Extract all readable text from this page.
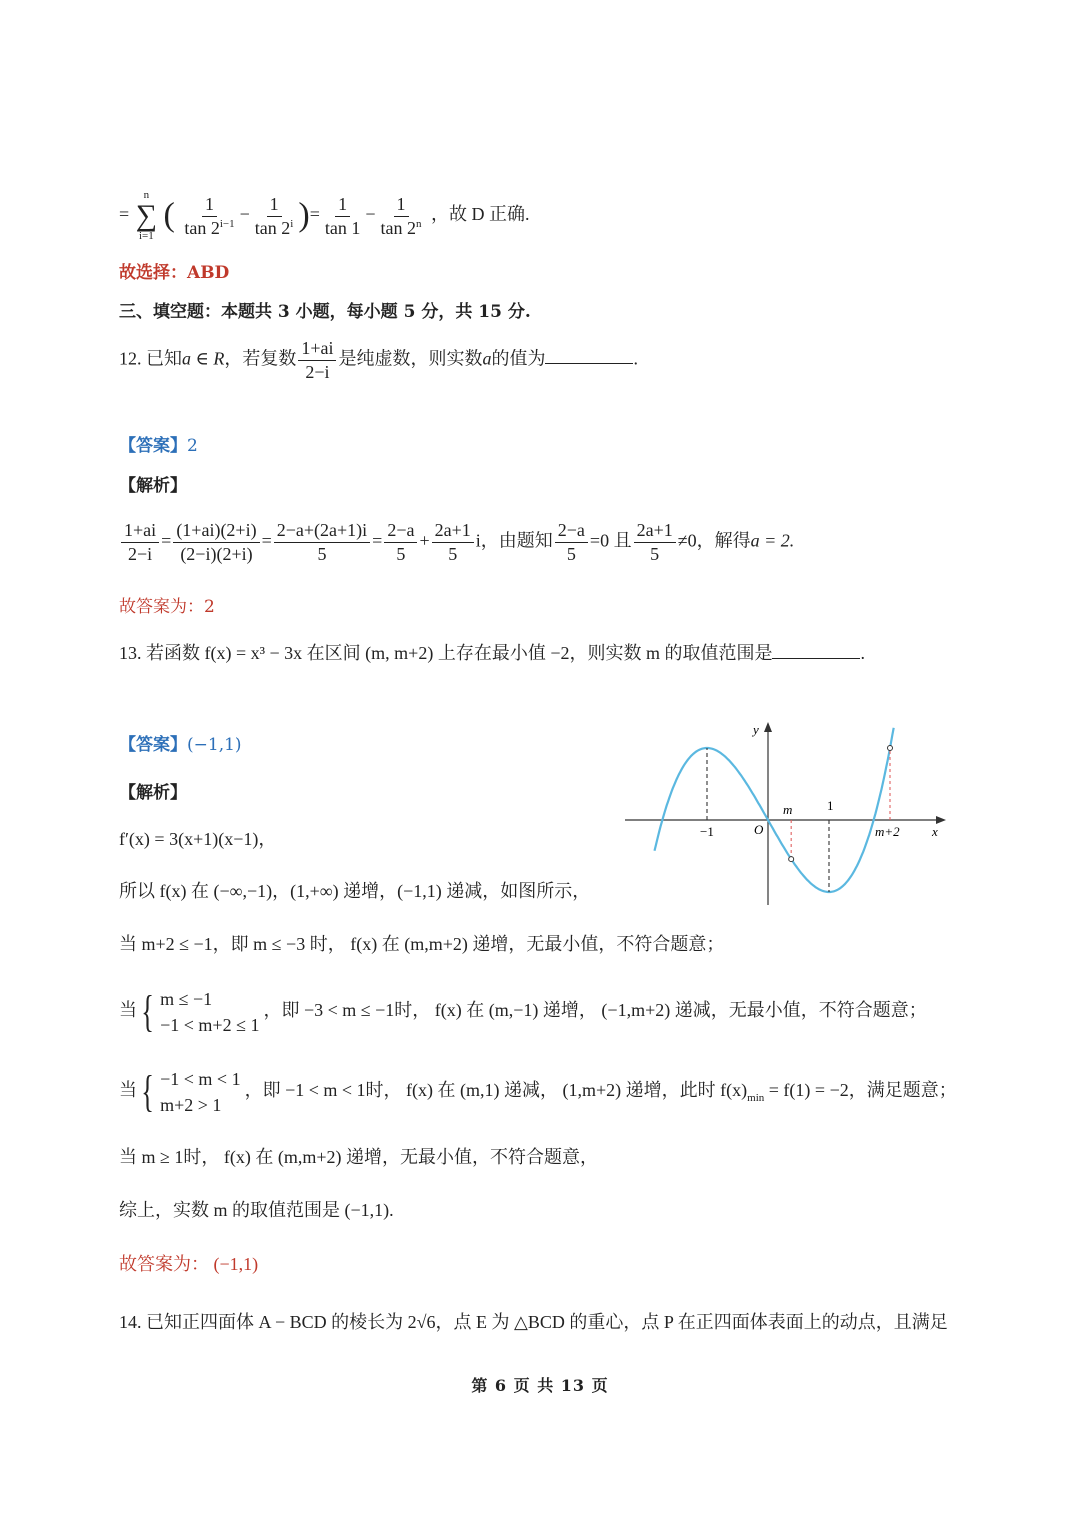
=
n
∑
i=1
( $\frac{1}{\tan 2^{i-1}} - \frac{1}{\tan 2^i}$ )= $\frac{1}{\tan 1} - \frac{1}{\tan 2^n}$ ，故 D 正确.
故选择：ABD
三、填空题：本题共 3 小题，每小题 5 分，共 15 分.
12. 已知a ∈ R，若复数 $\frac{1+ai}{2-i}$ 是纯虚数，则实数a的值为	.
【答案】2
【解析】
$\frac{1+ai}{2-i} = \frac{(1+ai)(2+i)}{(2-i)(2+i)} = \frac{2-a+(2a+1)i}{5} = \frac{2-a}{5} + \frac{2a+1}{5}$ i，由题知 $\frac{2-a}{5} =0$ 且 $\frac{2a+1}{5} \ne 0$，解得a = 2.
故答案为：2
13. 若函数 f(x) = x³ − 3x 在区间 (m, m+2) 上存在最小值 −2，则实数 m 的取值范围是	.
【答案】(−1,1)
【解析】
f′(x) = 3(x+1)(x−1)，
所以 f(x) 在 (−∞,−1)，(1,+∞) 递增，(−1,1) 递减，如图所示，
当 m+2 ≤ −1，即 m ≤ −3 时， f(x) 在 (m,m+2) 递增，无最小值，不符合题意；
当 { m ≤ −1
−1 < m+2 ≤ 1
，即 −3 < m ≤ −1时， f(x) 在 (m,−1) 递增， (−1,m+2) 递减，无最小值，不符合题意；
当 { −1 < m < 1
m+2 > 1
，即 −1 < m < 1时， f(x) 在 (m,1) 递减， (1,m+2) 递增，此时 $f(x)_{min} = f(1) = -2$，满足题意；
当 m ≥ 1时， f(x) 在 (m,m+2) 递增，无最小值，不符合题意，
综上，实数 m 的取值范围是 (−1,1).
故答案为： (−1,1)
14. 已知正四面体 A − BCD 的棱长为 2√6，点 E 为 △BCD 的重心，点 P 在正四面体表面上的动点，且满足
y
x
O
−1
m	1
m+2
第 6 页 共 13 页
